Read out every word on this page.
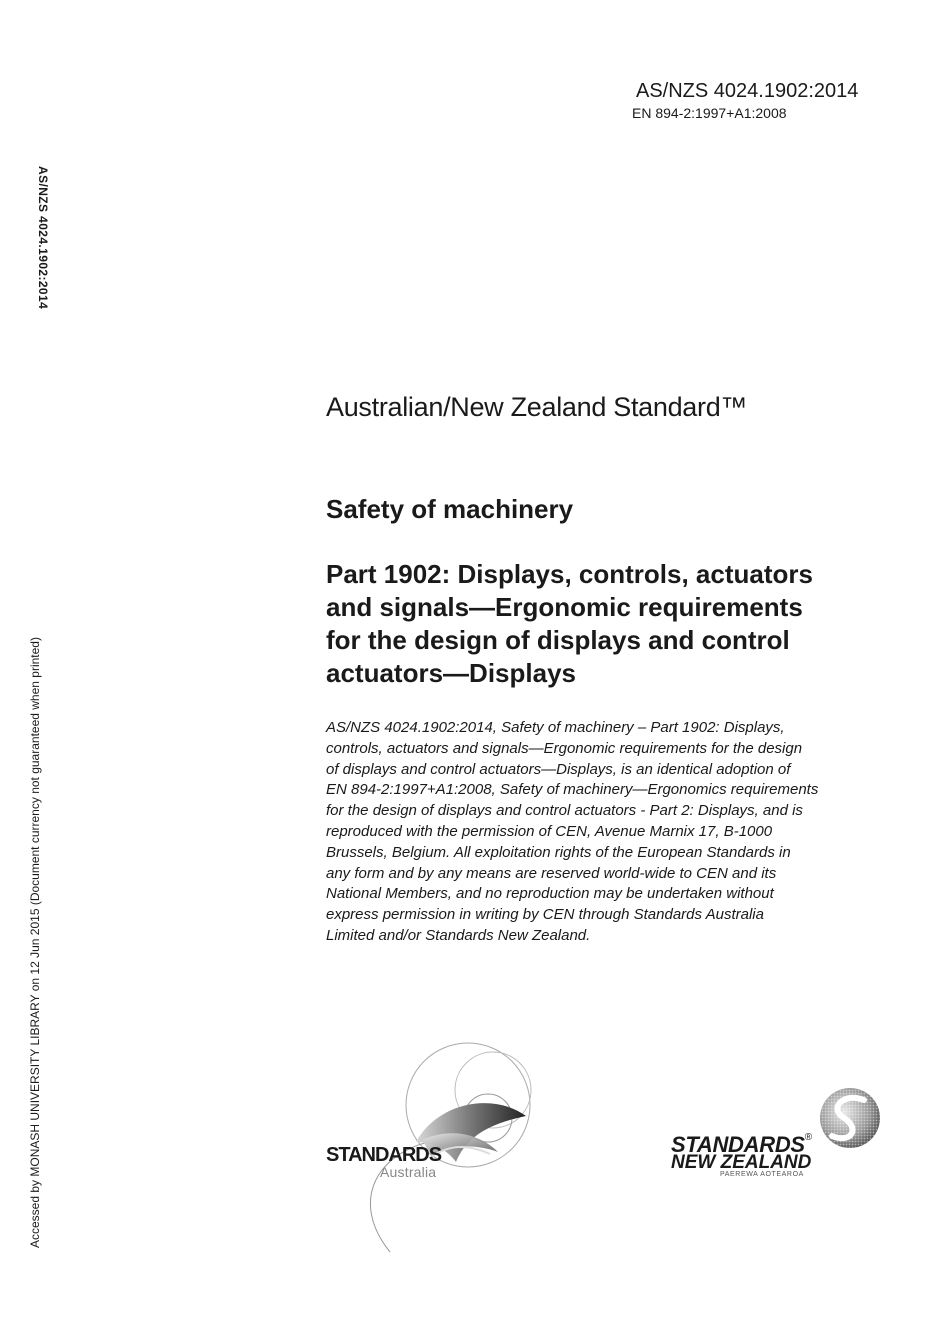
AS/NZS 4024.1902:2014
EN 894-2:1997+A1:2008
AS/NZS 4024.1902:2014
Accessed by MONASH UNIVERSITY LIBRARY on 12 Jun 2015 (Document currency not guaranteed when printed)
Australian/New Zealand Standard™
Safety of machinery
Part 1902: Displays, controls, actuators
and signals—Ergonomic requirements
for the design of displays and control
actuators—Displays
AS/NZS 4024.1902:2014, Safety of machinery – Part 1902: Displays,
controls, actuators and signals—Ergonomic requirements for the design
of displays and control actuators—Displays, is an identical adoption of
EN 894-2:1997+A1:2008, Safety of machinery—Ergonomics requirements
for the design of displays and control actuators - Part 2: Displays, and is
reproduced with the permission of CEN, Avenue Marnix 17, B-1000
Brussels, Belgium. All exploitation rights of the European Standards in
any form and by any means are reserved world-wide to CEN and its
National Members, and no reproduction may be undertaken without
express permission in writing by CEN through Standards Australia
Limited and/or Standards New Zealand.
STANDARDS
Australia
STANDARDS®
NEW ZEALAND
PAEREWA AOTEAROA
